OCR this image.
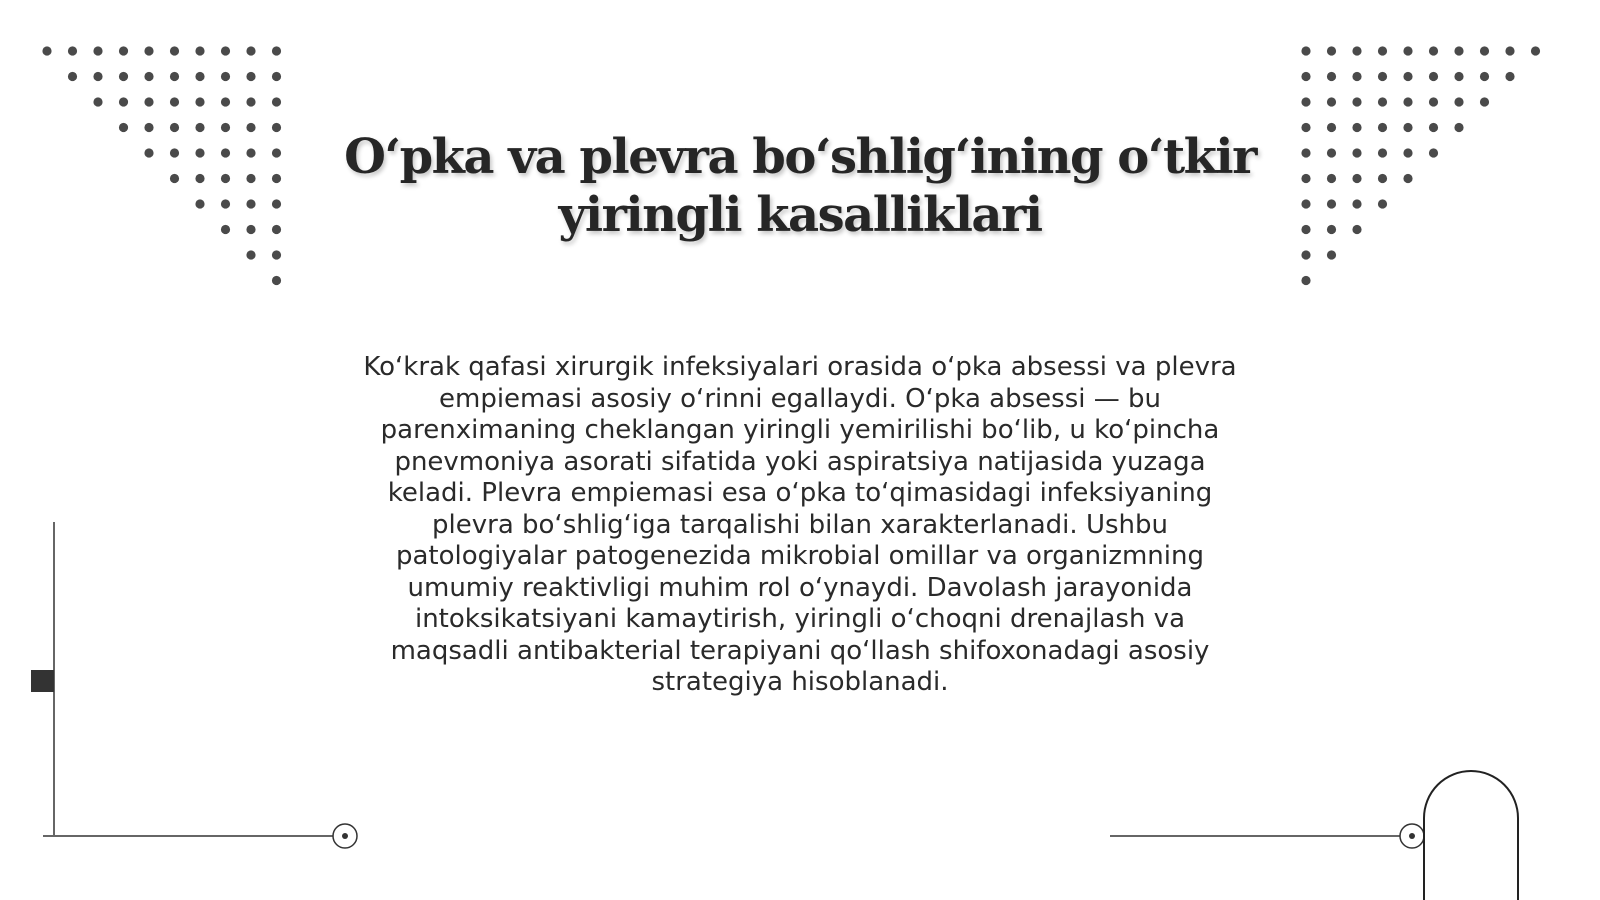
O‘pka va plevra bo‘shlig‘ining o‘tkir yiringli kasalliklari

Ko‘krak qafasi xirurgik infeksiyalari orasida o‘pka absessi va plevra empiemasi asosiy o‘rinni egallaydi. O‘pka absessi — bu parenximaning cheklangan yiringli yemirilishi bo‘lib, u ko‘pincha pnevmoniya asorati sifatida yoki aspiratsiya natijasida yuzaga keladi. Plevra empiemasi esa o‘pka to‘qimasidagi infeksiyaning plevra bo‘shlig‘iga tarqalishi bilan xarakterlanadi. Ushbu patologiyalar patogenezida mikrobial omillar va organizmning umumiy reaktivligi muhim rol o‘ynaydi. Davolash jarayonida intoksikatsiyani kamaytirish, yiringli o‘choqni drenajlash va maqsadli antibakterial terapiyani qo‘llash shifoxonadagi asosiy strategiya hisoblanadi.
